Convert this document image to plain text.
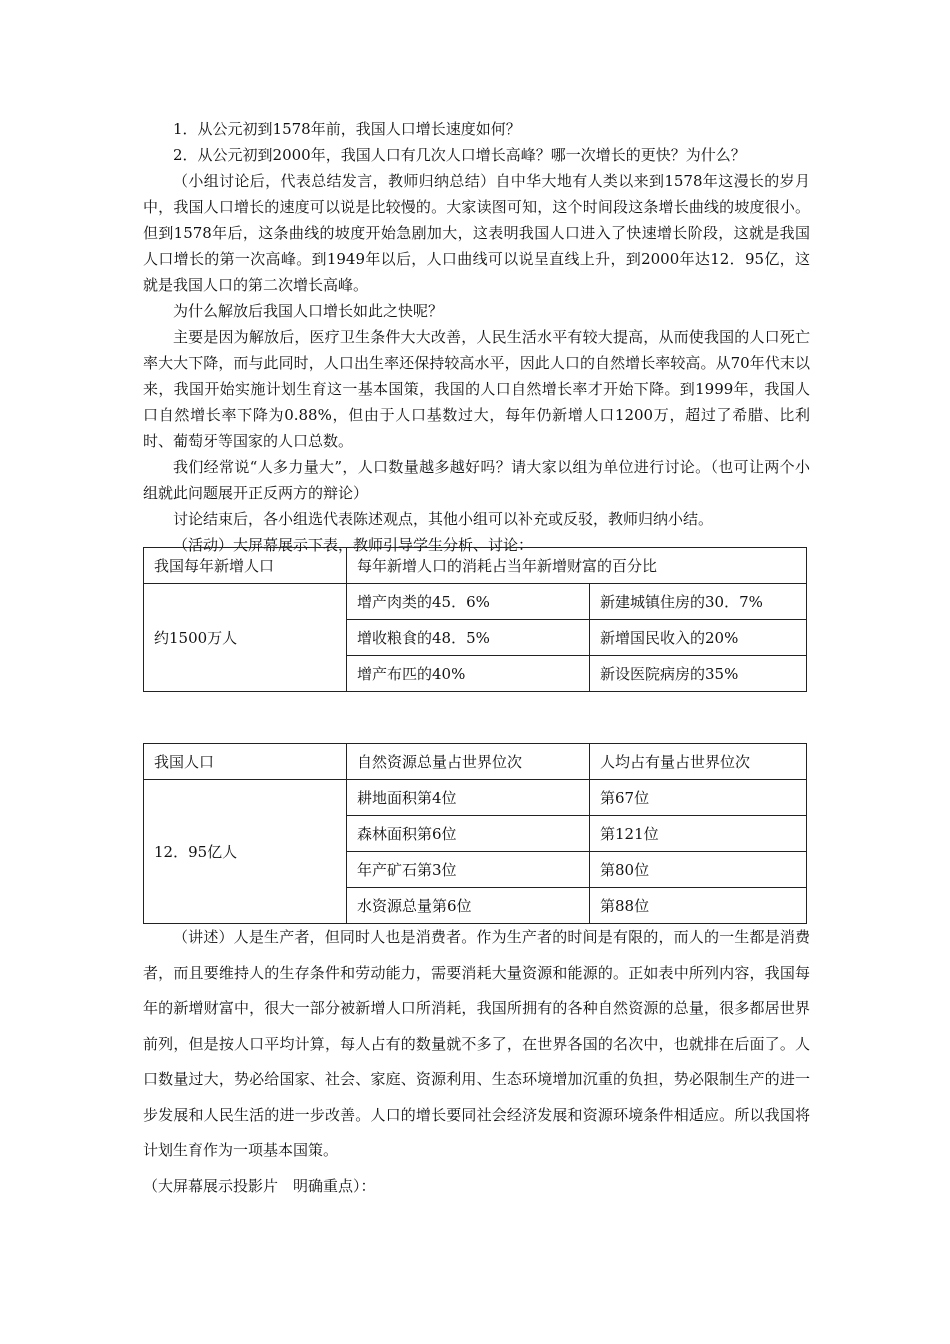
1．从公元初到1578年前，我国人口增长速度如何？

2．从公元初到2000年，我国人口有几次人口增长高峰？哪一次增长的更快？为什么？

（小组讨论后，代表总结发言，教师归纳总结）自中华大地有人类以来到1578年这漫长的岁月中，我国人口增长的速度可以说是比较慢的。大家读图可知，这个时间段这条增长曲线的坡度很小。但到1578年后，这条曲线的坡度开始急剧加大，这表明我国人口进入了快速增长阶段，这就是我国人口增长的第一次高峰。到1949年以后，人口曲线可以说呈直线上升，到2000年达12．95亿，这就是我国人口的第二次增长高峰。

为什么解放后我国人口增长如此之快呢？

主要是因为解放后，医疗卫生条件大大改善，人民生活水平有较大提高，从而使我国的人口死亡率大大下降，而与此同时，人口出生率还保持较高水平，因此人口的自然增长率较高。从70年代末以来，我国开始实施计划生育这一基本国策，我国的人口自然增长率才开始下降。到1999年，我国人口自然增长率下降为0.88%，但由于人口基数过大，每年仍新增人口1200万，超过了希腊、比利时、葡萄牙等国家的人口总数。

我们经常说“人多力量大”，人口数量越多越好吗？请大家以组为单位进行讨论。（也可让两个小组就此问题展开正反两方的辩论）

讨论结束后，各小组选代表陈述观点，其他小组可以补充或反驳，教师归纳小结。

（活动）大屏幕展示下表，教师引导学生分析、讨论：

我国每年新增人口	每年新增人口的消耗占当年新增财富的百分比	
约1500万人	增产肉类的45．6%	新建城镇住房的30．7%
	增收粮食的48．5%	新增国民收入的20%
	增产布匹的40%	新设医院病房的35%
我国人口	自然资源总量占世界位次	人均占有量占世界位次
12．95亿人	耕地面积第4位	第67位
	森林面积第6位	第121位
	年产矿石第3位	第80位
	水资源总量第6位	第88位

（讲述）人是生产者，但同时人也是消费者。作为生产者的时间是有限的，而人的一生都是消费者，而且要维持人的生存条件和劳动能力，需要消耗大量资源和能源的。正如表中所列内容，我国每年的新增财富中，很大一部分被新增人口所消耗，我国所拥有的各种自然资源的总量，很多都居世界前列，但是按人口平均计算，每人占有的数量就不多了，在世界各国的名次中，也就排在后面了。人口数量过大，势必给国家、社会、家庭、资源利用、生态环境增加沉重的负担，势必限制生产的进一步发展和人民生活的进一步改善。人口的增长要同社会经济发展和资源环境条件相适应。所以我国将计划生育作为一项基本国策。

（大屏幕展示投影片　明确重点）：
